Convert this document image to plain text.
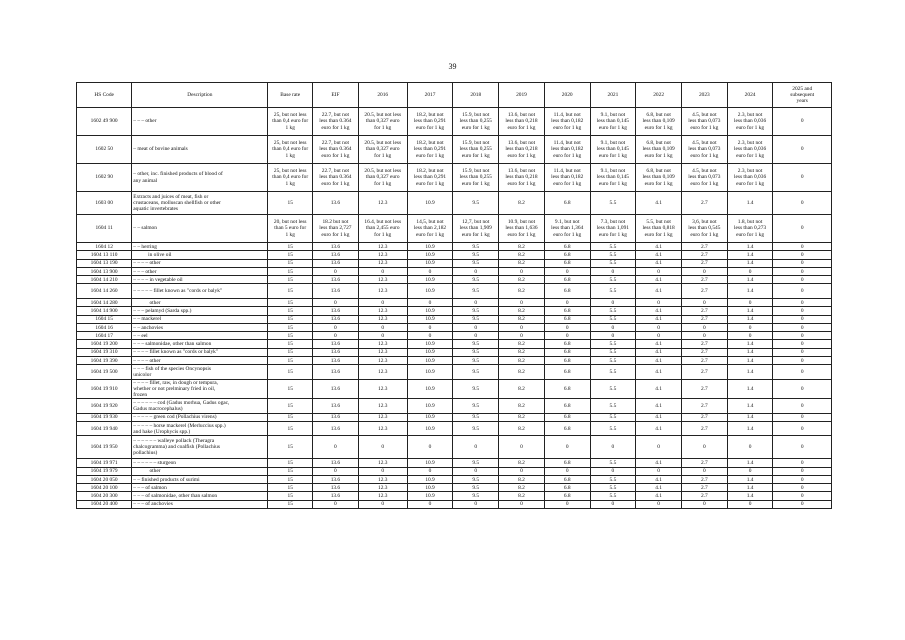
39
HS Code	Description	Base rate	EIF	2016	2017	2018	2019	2020	2021	2022	2023	2024	2025 and
subsequent
years
1602 49 900	– – – other	25, but not less
than 0,4 euro for
1 kg	22.7, but not
less than 0.364
euro for 1 kg	20.5, but not less
than 0,327 euro
for 1 kg	18.2, but not
less than 0,291
euro for 1 kg	15.9, but not
less than 0,255
euro for 1 kg	13.6, but not
less than 0,218
euro for 1 kg	11.4, but not
less than 0,182
euro for 1 kg	9.1, but not
less than 0,145
euro for 1 kg	6.8, but not
less than 0,109
euro for 1 kg	4.5, but not
less than 0,073
euro for 1 kg	2.3, but not
less than 0,036
euro for 1 kg	0
1602 50	– meat of bovine animals	25, but not less
than 0,4 euro for
1 kg	22.7, but not
less than 0.364
euro for 1 kg	20.5, but not less
than 0,327 euro
for 1 kg	18.2, but not
less than 0,291
euro for 1 kg	15.9, but not
less than 0,255
euro for 1 kg	13.6, but not
less than 0,218
euro for 1 kg	11.4, but not
less than 0,182
euro for 1 kg	9.1, but not
less than 0,145
euro for 1 kg	6.8, but not
less than 0,109
euro for 1 kg	4.5, but not
less than 0,073
euro for 1 kg	2.3, but not
less than 0,036
euro for 1 kg	0
1602 90	– other, inc. finished products of blood of
any animal	25, but not less
than 0,4 euro for
1 kg	22.7, but not
less than 0.364
euro for 1 kg	20.5, but not less
than 0,327 euro
for 1 kg	18.2, but not
less than 0,291
euro for 1 kg	15.9, but not
less than 0,255
euro for 1 kg	13.6, but not
less than 0,218
euro for 1 kg	11.4, but not
less than 0,182
euro for 1 kg	9.1, but not
less than 0,145
euro for 1 kg	6.8, but not
less than 0,109
euro for 1 kg	4.5, but not
less than 0,073
euro for 1 kg	2.3, but not
less than 0,036
euro for 1 kg	0
1603 00	Extracts and juices of meat, fish or
crustaceans, molluscan shellfish or other
aquatic invertebrates	15	13.6	12.3	10.9	9.5	8.2	6.8	5.5	4.1	2.7	1.4	0
1604 11	– – salmon	20, but not less
than 5 euro for
1 kg	18.2 but not
less than 2,727
euro for 1 kg	16.4, but not less
than 2,455 euro
for 1 kg	14,5, but not
less than 2,182
euro for 1 kg	12,7, but not
less than 1,909
euro for 1 kg	10.9, but not
less than 1,636
euro for 1 kg	9.1, but not
less than 1,364
euro for 1 kg	7.3, but not
less than 1,091
euro for 1 kg	5.5, but not
less than 0,818
euro for 1 kg	3,6, but not
less than 0,545
euro for 1 kg	1.8, but not
less than 0,273
euro for 1 kg	0
1604 12	– – herring	15	13.6	12.3	10.9	9.5	8.2	6.8	5.5	4.1	2.7	1.4	0
1604 13 110	in olive oil	15	13.6	12.3	10.9	9.5	8.2	6.8	5.5	4.1	2.7	1.4	0
1604 13 190	– – – – other	15	13.6	12.3	10.9	9.5	8.2	6.8	5.5	4.1	2.7	1.4	0
1604 13 900	– – – other	15	0	0	0	0	0	0	0	0	0	0	0
1604 14 210	– – – – in vegetable oil	15	13.6	12.3	10.9	9.5	8.2	6.8	5.5	4.1	2.7	1.4	0
1604 14 260	– – – – – fillet known as "cords or balyk"	15	13.6	12.3	10.9	9.5	8.2	6.8	5.5	4.1	2.7	1.4	0
1604 14 280	other	15	0	0	0	0	0	0	0	0	0	0	0
1604 14 900	– – – pelamyd (Sarda spp.)	15	13.6	12.3	10.9	9.5	8.2	6.8	5.5	4.1	2.7	1.4	0
1604 15	– – mackerel	15	13.6	12.3	10.9	9.5	8.2	6.8	5.5	4.1	2.7	1.4	0
1604 16	– – anchovies	15	0	0	0	0	0	0	0	0	0	0	0
1604 17	– – eel	15	0	0	0	0	0	0	0	0	0	0	0
1604 19 200	– – – salmonidae, other than salmon	15	13.6	12.3	10.9	9.5	8.2	6.8	5.5	4.1	2.7	1.4	0
1604 19 310	– – – – fillet known as "cords or balyk"	15	13.6	12.3	10.9	9.5	8.2	6.8	5.5	4.1	2.7	1.4	0
1604 19 390	– – – – other	15	13.6	12.3	10.9	9.5	8.2	6.8	5.5	4.1	2.7	1.4	0
1604 19 500	– – – fish of the species Oncynopsis
unicolor	15	13.6	12.3	10.9	9.5	8.2	6.8	5.5	4.1	2.7	1.4	0
1604 19 910	– – – – fillet, raw, in dough or tempura,
whether or not prelminary fried in oil,
frozen	15	13.6	12.3	10.9	9.5	8.2	6.8	5.5	4.1	2.7	1.4	0
1604 19 920	– – – – – – cod (Gadus morhua, Gadus ogac,
Gadus macrocephalus)	15	13.6	12.3	10.9	9.5	8.2	6.8	5.5	4.1	2.7	1.4	0
1604 19 930	– – – – – green cod (Pollachius virens)	15	13.6	12.3	10.9	9.5	8.2	6.8	5.5	4.1	2.7	1.4	0
1604 19 940	– – – – – horse mackerel (Merluccius spp.)
and hake (Urophycis spp.)	15	13.6	12.3	10.9	9.5	8.2	6.8	5.5	4.1	2.7	1.4	0
1604 19 950	– – – – – – walleye pollack (Theragra
chalcogramma) and coalfish (Pollachius
pollachius)	15	0	0	0	0	0	0	0	0	0	0	0
1604 19 971	– – – – – – sturgeon	15	13.6	12.3	10.9	9.5	8.2	6.8	5.5	4.1	2.7	1.4	0
1604 19 979	other	15	0	0	0	0	0	0	0	0	0	0	0
1604 20 050	– – finished products of surimi	15	13.6	12.3	10.9	9.5	8.2	6.8	5.5	4.1	2.7	1.4	0
1604 20 100	– – – of salmon	15	13.6	12.3	10.9	9.5	8.2	6.8	5.5	4.1	2.7	1.4	0
1604 20 300	– – – of salmonidae, other than salmon	15	13.6	12.3	10.9	9.5	8.2	6.8	5.5	4.1	2.7	1.4	0
1604 20 400	– – – of anchovies	15	0	0	0	0	0	0	0	0	0	0	0
